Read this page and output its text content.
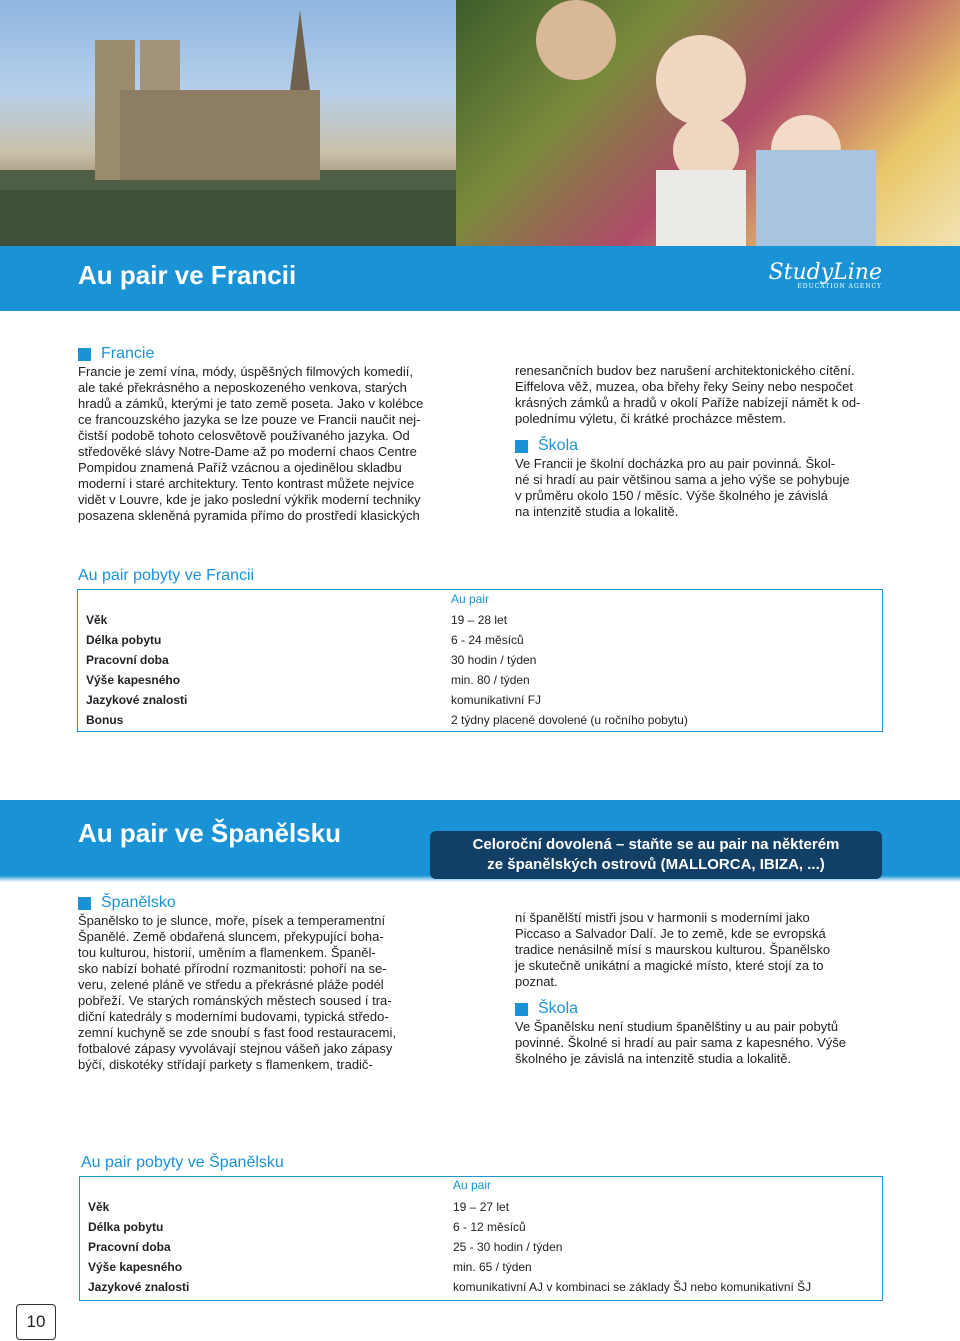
Au pair ve Francii	StudyLine
EDUCATION AGENCY
Francie

Francie je zemí vína, módy, úspěšných filmových komedií,

ale také překrásného a neposkozeného venkova, starých

hradů a zámků, kterými je tato země poseta. Jako v kolébce

ce francouzského jazyka se lze pouze ve Francii naučit nej-

čistší podobě tohoto celosvětově používaného jazyka. Od

středověké slávy Notre-Dame až po moderní chaos Centre

Pompidou znamená Paříž vzácnou a ojedinělou skladbu

moderní i staré architektury. Tento kontrast můžete nejvíce

vidět v Louvre, kde je jako poslední výkřik moderní techniky

posazena skleněná pyramida přímo do prostředí klasických

renesančních budov bez narušení architektonického cítění.

Eiffelova věž, muzea, oba břehy řeky Seiny nebo nespočet

krásných zámků a hradů v okolí Paříže nabízejí námět k od-

polednímu výletu, či krátké procházce městem.

Škola

Ve Francii je školní docházka pro au pair povinná. Škol-

né si hradí au pair většinou sama a jeho výše se pohybuje

v průměru okolo 150 / měsíc. Výše školného je závislá

na intenzitě studia a lokalitě.

Au pair pobyty ve Francii
Au pair
Věk	19 – 28 let
Délka pobytu	6 - 24 měsíců
Pracovní doba	30 hodin / týden
Výše kapesného	min. 80 / týden
Jazykové znalosti	komunikativní FJ
Bonus	2 týdny placené dovolené (u ročního pobytu)
Au pair ve Španělsku	Celoroční dovolená – staňte se au pair na některém
ze španělských ostrovů (MALLORCA, IBIZA, ...)
Španělsko

Španělsko to je slunce, moře, písek a temperamentní

Španělé. Země obdařená sluncem, překypující boha-

tou kulturou, historií, uměním a flamenkem. Španěl-

sko nabízí bohaté přírodní rozmanitosti: pohoří na se-

veru, zelené pláně ve středu a překrásné pláže podél

pobřeží. Ve starých románských městech soused í tra-

diční katedrály s moderními budovami, typická středo-

zemní kuchyně se zde snoubí s fast food restauracemi,

fotbalové zápasy vyvolávají stejnou vášeň jako zápasy

býčí, diskotéky střídají parkety s flamenkem, tradič-

ní španělští mistři jsou v harmonii s moderními jako

Piccaso a Salvador Dalí. Je to země, kde se evropská

tradice nenásilně mísí s maurskou kulturou. Španělsko

je skutečně unikátní a magické místo, které stojí za to

poznat.

Škola

Ve Španělsku není studium španělštiny u au pair pobytů

povinné. Školné si hradí au pair sama z kapesného. Výše

školného je závislá na intenzitě studia a lokalitě.

Au pair pobyty ve Španělsku
Au pair
Věk	19 – 27 let
Délka pobytu	6 - 12 měsíců
Pracovní doba	25 - 30 hodin / týden
Výše kapesného	min. 65 / týden
Jazykové znalosti	komunikativní AJ v kombinaci se základy ŠJ nebo komunikativní ŠJ
10
